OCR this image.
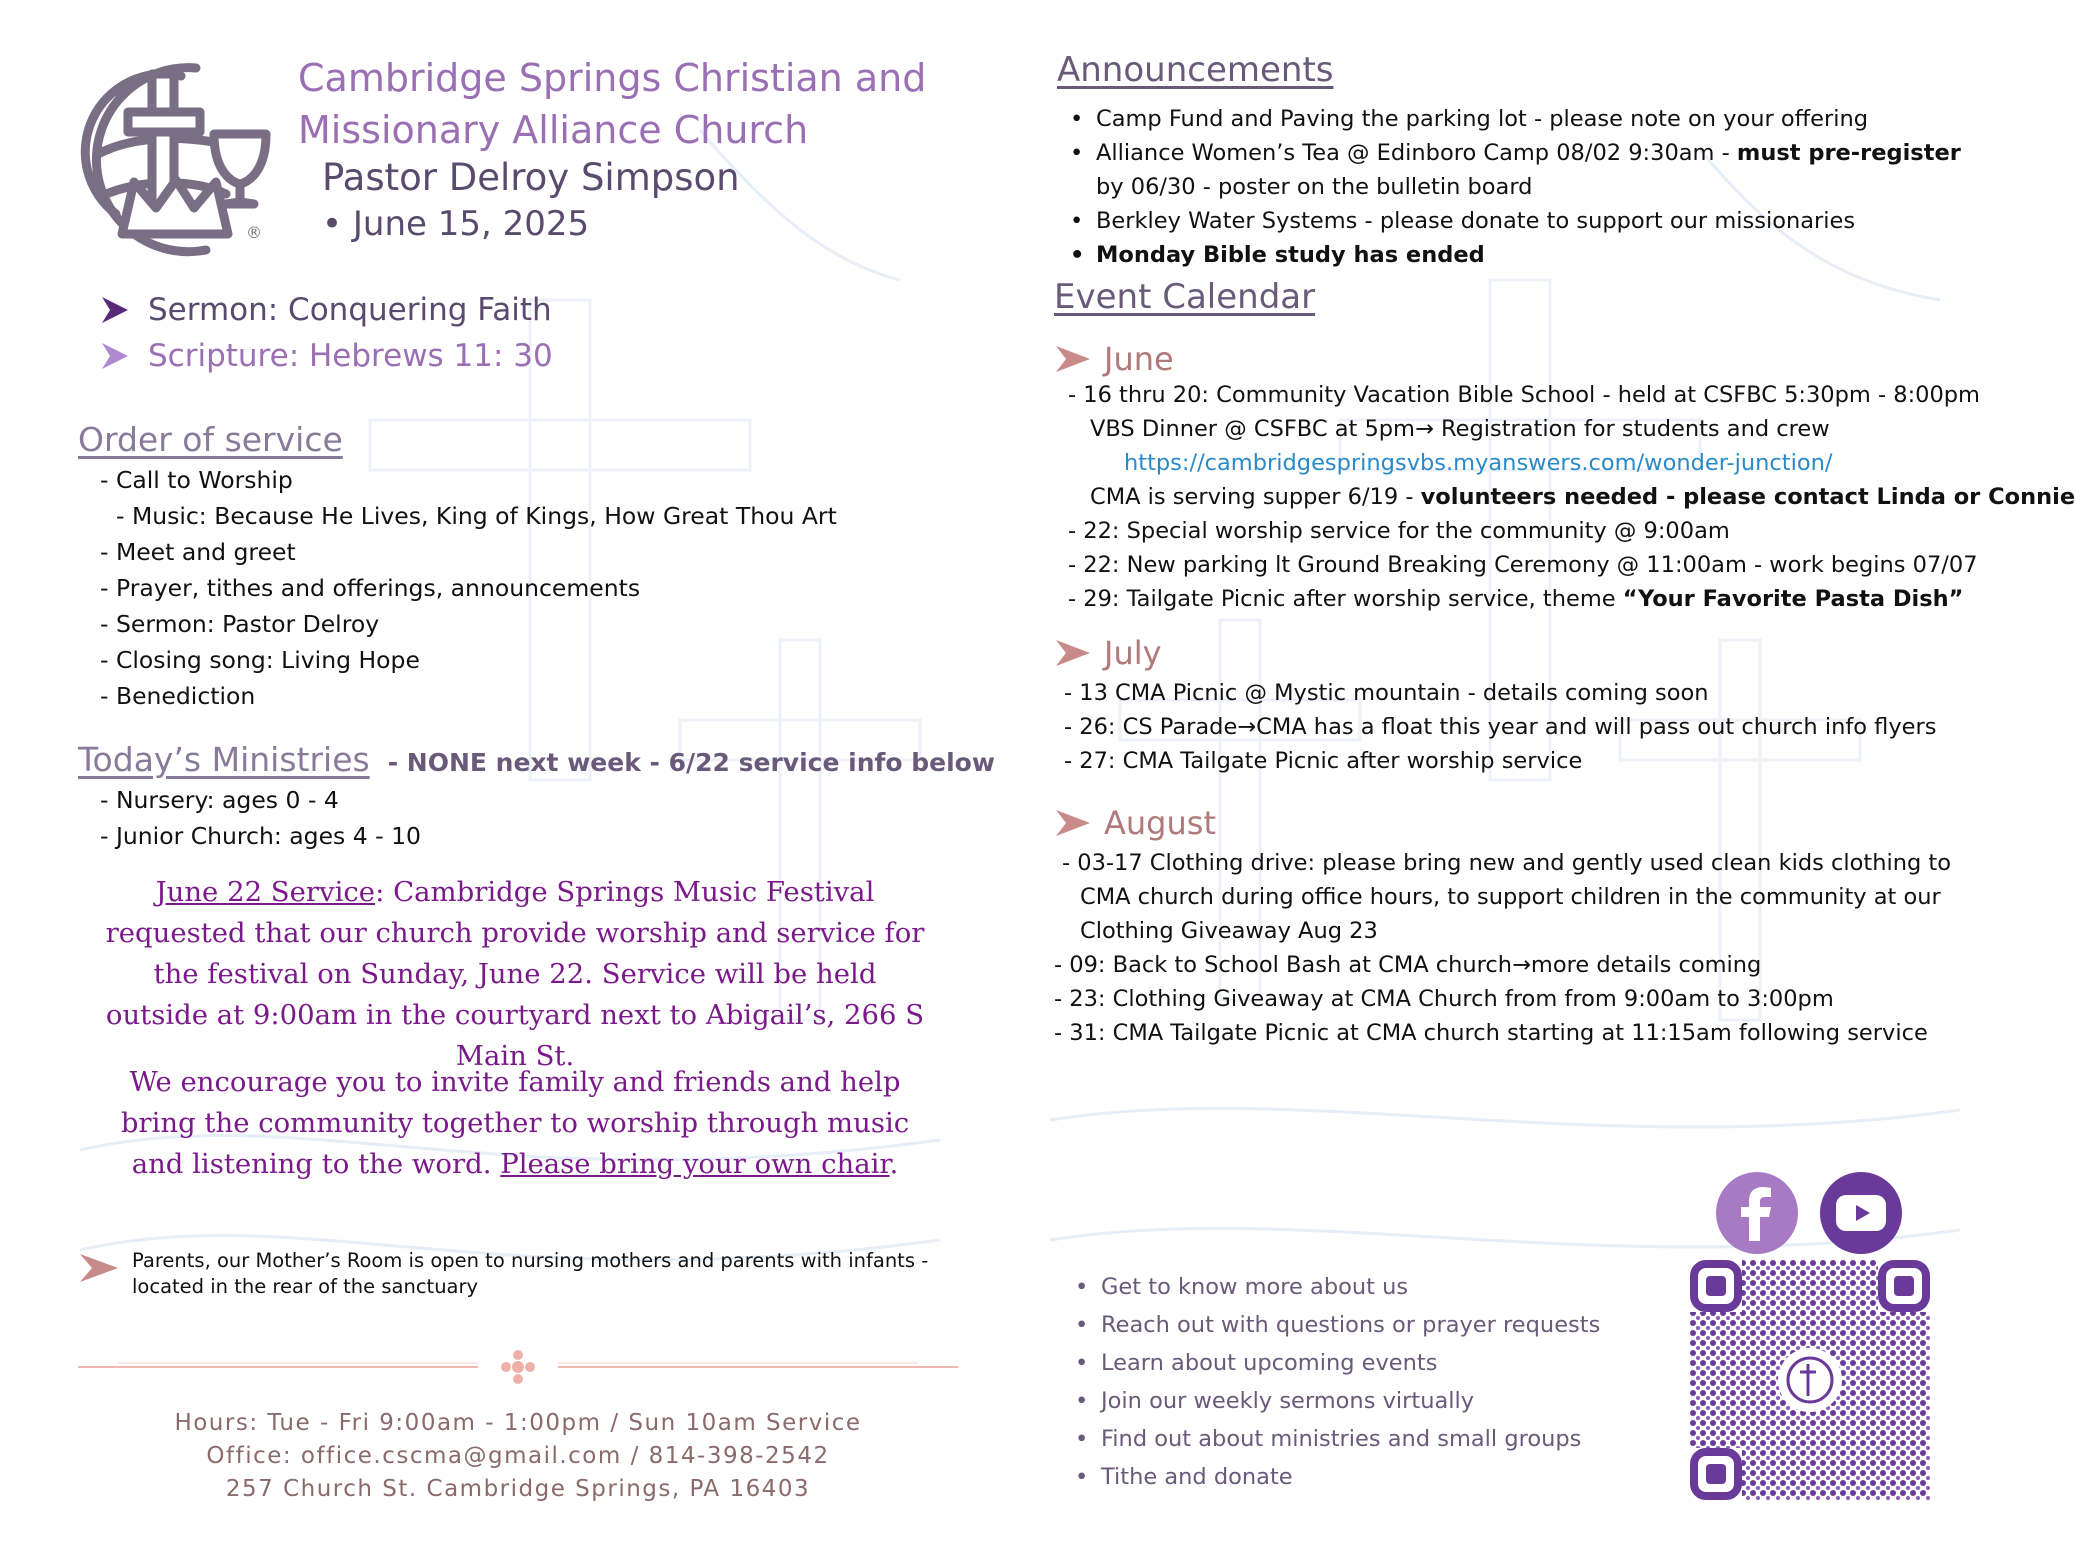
®
Cambridge Springs Christian and
Missionary Alliance Church
Pastor Delroy Simpson
• June 15, 2025
Sermon: Conquering Faith
Scripture: Hebrews 11: 30
Order of service
- Call to Worship
- Music: Because He Lives, King of Kings, How Great Thou Art
- Meet and greet
- Prayer, tithes and offerings, announcements
- Sermon: Pastor Delroy
- Closing song: Living Hope
- Benediction
Today’s Ministries - NONE next week - 6/22 service info below
- Nursery: ages 0 - 4
- Junior Church: ages 4 - 10
June 22 Service: Cambridge Springs Music Festival requested that our church provide worship and service for the festival on Sunday, June 22. Service will be held outside at 9:00am in the courtyard next to Abigail’s, 266 S Main St.
We encourage you to invite family and friends and help bring the community together to worship through music and listening to the word. Please bring your own chair.
Parents, our Mother’s Room is open to nursing mothers and parents with infants - located in the rear of the sanctuary
Hours: Tue - Fri 9:00am - 1:00pm / Sun 10am Service
Office: office.cscma@gmail.com / 814-398-2542
257 Church St. Cambridge Springs, PA 16403
Announcements
• Camp Fund and Paving the parking lot - please note on your offering
• Alliance Women’s Tea @ Edinboro Camp 08/02 9:30am - must pre-register by 06/30 - poster on the bulletin board
• Berkley Water Systems - please donate to support our missionaries
• Monday Bible study has ended
Event Calendar
June
- 16 thru 20: Community Vacation Bible School - held at CSFBC 5:30pm - 8:00pm
VBS Dinner @ CSFBC at 5pm→ Registration for students and crew
https://cambridgespringsvbs.myanswers.com/wonder-junction/
CMA is serving supper 6/19 - volunteers needed - please contact Linda or Connie
- 22: Special worship service for the community @ 9:00am
- 22: New parking lt Ground Breaking Ceremony @ 11:00am - work begins 07/07
- 29: Tailgate Picnic after worship service, theme “Your Favorite Pasta Dish”
July
- 13 CMA Picnic @ Mystic mountain - details coming soon
- 26: CS Parade→CMA has a float this year and will pass out church info flyers
- 27: CMA Tailgate Picnic after worship service
August
- 03-17 Clothing drive: please bring new and gently used clean kids clothing to
CMA church during office hours, to support children in the community at our
Clothing Giveaway Aug 23
- 09: Back to School Bash at CMA church→more details coming
- 23: Clothing Giveaway at CMA Church from from 9:00am to 3:00pm
- 31: CMA Tailgate Picnic at CMA church starting at 11:15am following service
• Get to know more about us
• Reach out with questions or prayer requests
• Learn about upcoming events
• Join our weekly sermons virtually
• Find out about ministries and small groups
• Tithe and donate
